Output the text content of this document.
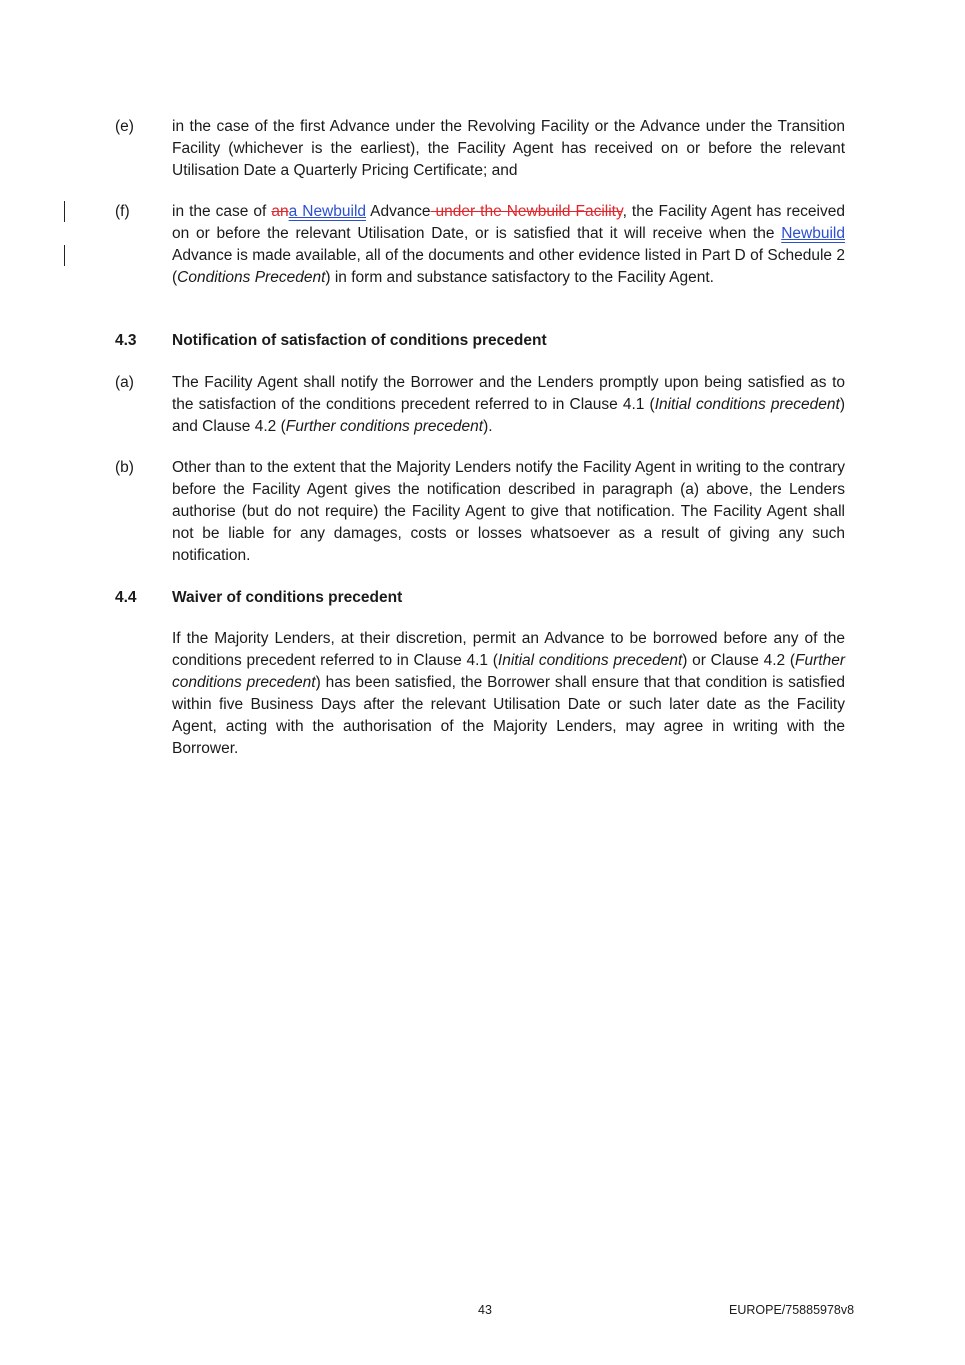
(e) in the case of the first Advance under the Revolving Facility or the Advance under the Transition Facility (whichever is the earliest), the Facility Agent has received on or before the relevant Utilisation Date a Quarterly Pricing Certificate; and
(f)	in the case of ana Newbuild Advance under the Newbuild Facility, the Facility Agent has received on or before the relevant Utilisation Date, or is satisfied that it will receive when the Newbuild Advance is made available, all of the documents and other evidence listed in Part D of Schedule 2 (Conditions Precedent) in form and substance satisfactory to the Facility Agent.
4.3 Notification of satisfaction of conditions precedent
(a) The Facility Agent shall notify the Borrower and the Lenders promptly upon being satisfied as to the satisfaction of the conditions precedent referred to in Clause 4.1 (Initial conditions precedent) and Clause 4.2 (Further conditions precedent).
(b) Other than to the extent that the Majority Lenders notify the Facility Agent in writing to the contrary before the Facility Agent gives the notification described in paragraph (a) above, the Lenders authorise (but do not require) the Facility Agent to give that notification. The Facility Agent shall not be liable for any damages, costs or losses whatsoever as a result of giving any such notification.
4.4 Waiver of conditions precedent
If the Majority Lenders, at their discretion, permit an Advance to be borrowed before any of the conditions precedent referred to in Clause 4.1 (Initial conditions precedent) or Clause 4.2 (Further conditions precedent) has been satisfied, the Borrower shall ensure that that condition is satisfied within five Business Days after the relevant Utilisation Date or such later date as the Facility Agent, acting with the authorisation of the Majority Lenders, may agree in writing with the Borrower.
43	EUROPE/75885978v8
